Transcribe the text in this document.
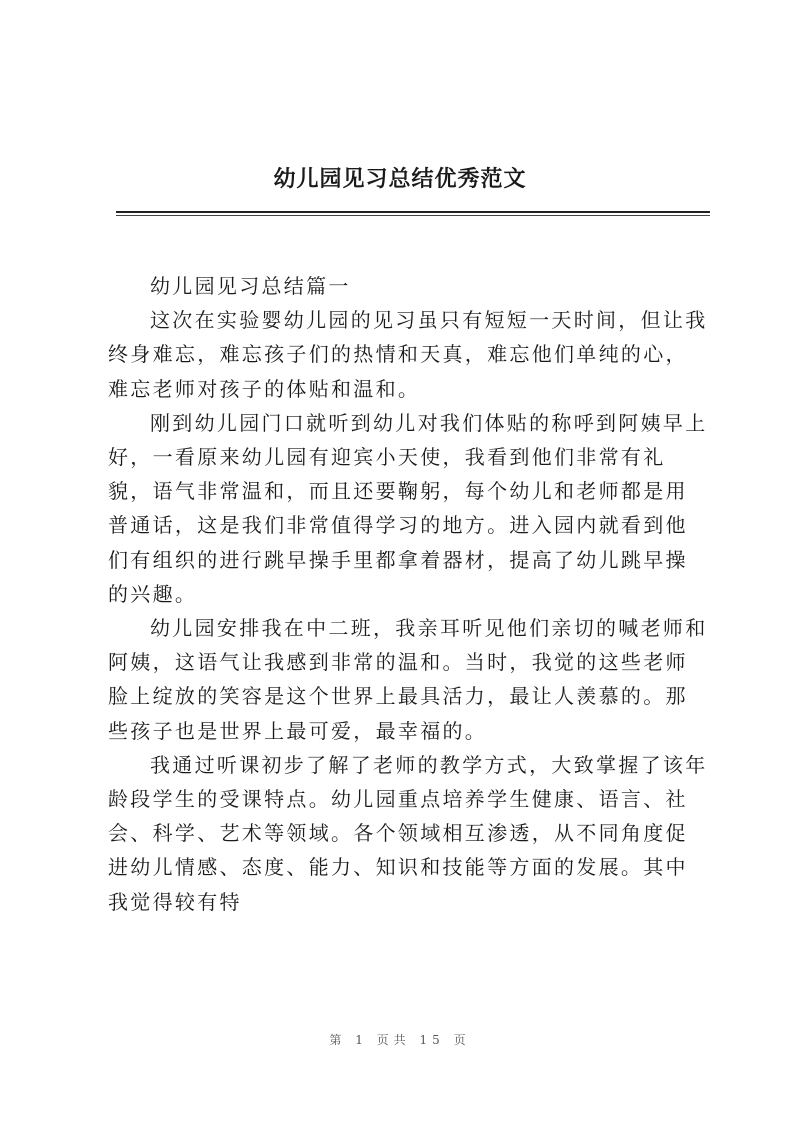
幼儿园见习总结优秀范文

幼儿园见习总结篇一

这次在实验婴幼儿园的见习虽只有短短一天时间，但让我终身难忘，难忘孩子们的热情和天真，难忘他们单纯的心，难忘老师对孩子的体贴和温和。

刚到幼儿园门口就听到幼儿对我们体贴的称呼到阿姨早上好，一看原来幼儿园有迎宾小天使，我看到他们非常有礼貌，语气非常温和，而且还要鞠躬，每个幼儿和老师都是用普通话，这是我们非常值得学习的地方。进入园内就看到他们有组织的进行跳早操手里都拿着器材，提高了幼儿跳早操的兴趣。

幼儿园安排我在中二班，我亲耳听见他们亲切的喊老师和阿姨，这语气让我感到非常的温和。当时，我觉的这些老师脸上绽放的笑容是这个世界上最具活力，最让人羡慕的。那些孩子也是世界上最可爱，最幸福的。

我通过听课初步了解了老师的教学方式，大致掌握了该年龄段学生的受课特点。幼儿园重点培养学生健康、语言、社会、科学、艺术等领域。各个领域相互渗透，从不同角度促进幼儿情感、态度、能力、知识和技能等方面的发展。其中我觉得较有特

第 1 页共 15 页
